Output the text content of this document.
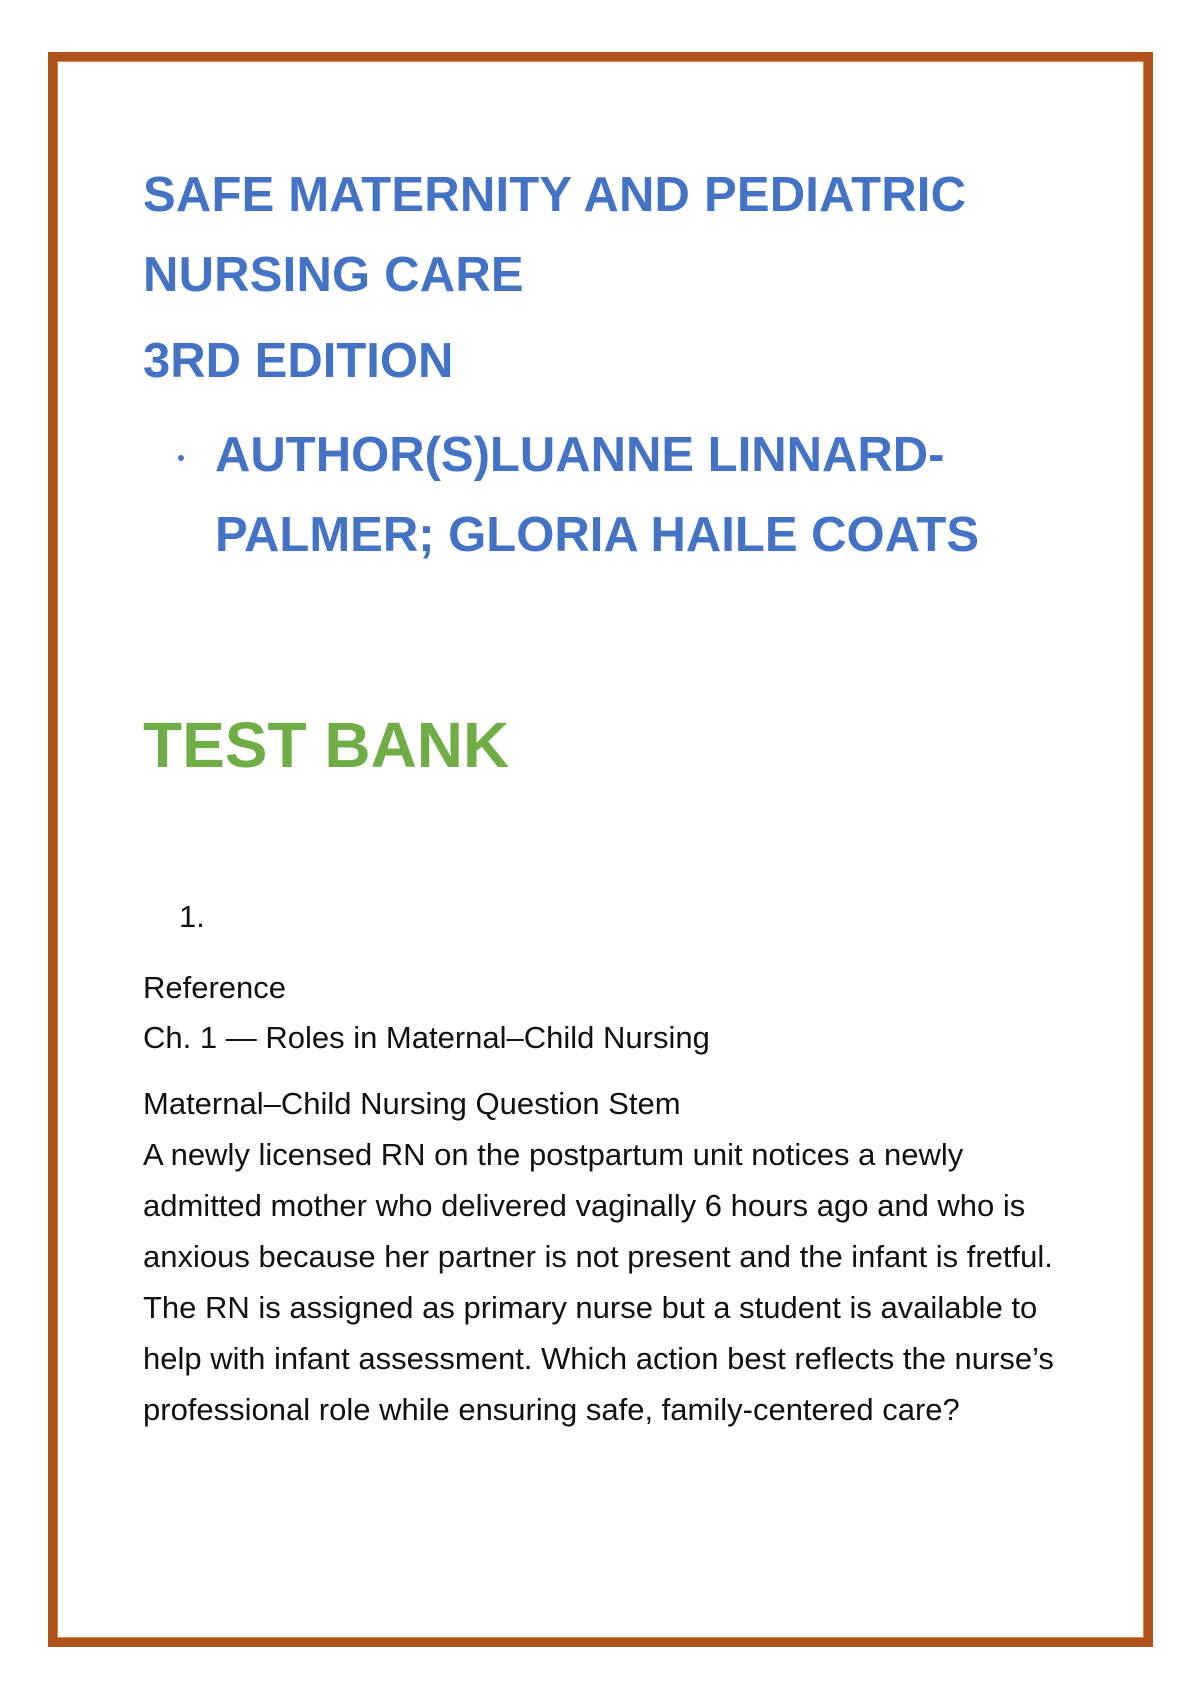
SAFE MATERNITY AND PEDIATRIC NURSING CARE
3RD EDITION
AUTHOR(S)LUANNE LINNARD-PALMER; GLORIA HAILE COATS
TEST BANK

1.

Reference

Ch. 1 — Roles in Maternal–Child Nursing

Maternal–Child Nursing Question Stem

A newly licensed RN on the postpartum unit notices a newly admitted mother who delivered vaginally 6 hours ago and who is anxious because her partner is not present and the infant is fretful. The RN is assigned as primary nurse but a student is available to help with infant assessment. Which action best reflects the nurse’s professional role while ensuring safe, family-centered care?
